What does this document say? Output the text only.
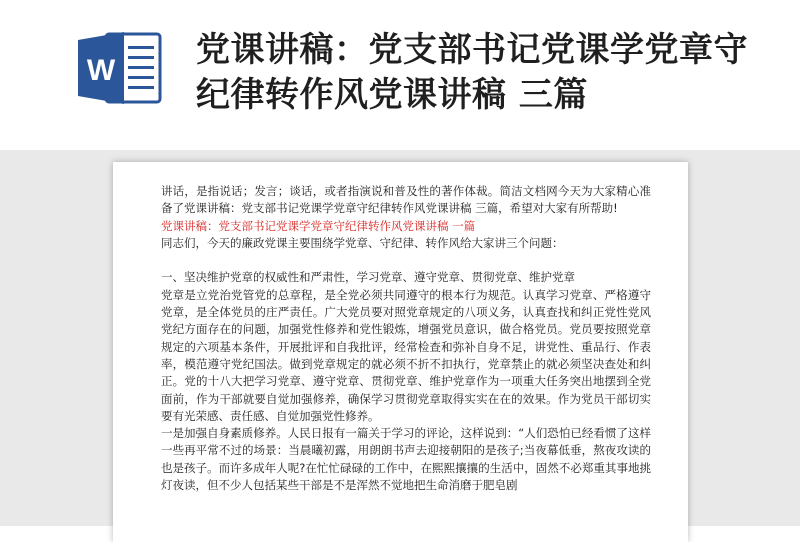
W
党课讲稿：党支部书记党课学党章守纪律转作风党课讲稿 三篇

讲话，是指说话；发言；谈话，或者指演说和普及性的著作体裁。简洁文档网今天为大家精心准备了党课讲稿：党支部书记党课学党章守纪律转作风党课讲稿 三篇，希望对大家有所帮助!

党课讲稿：党支部书记党课学党章守纪律转作风党课讲稿 一篇

同志们，今天的廉政党课主要围绕学党章、守纪律、转作风给大家讲三个问题：

一、坚决维护党章的权威性和严肃性，学习党章、遵守党章、贯彻党章、维护党章

党章是立党治党管党的总章程，是全党必须共同遵守的根本行为规范。认真学习党章、严格遵守党章，是全体党员的庄严责任。广大党员要对照党章规定的八项义务，认真查找和纠正党性党风党纪方面存在的问题，加强党性修养和党性锻炼，增强党员意识，做合格党员。党员要按照党章规定的六项基本条件，开展批评和自我批评，经常检查和弥补自身不足，讲党性、重品行、作表率，模范遵守党纪国法。做到党章规定的就必须不折不扣执行，党章禁止的就必须坚决查处和纠正。党的十八大把学习党章、遵守党章、贯彻党章、维护党章作为一项重大任务突出地摆到全党面前，作为干部就要自觉加强修养，确保学习贯彻党章取得实实在在的效果。作为党员干部切实要有光荣感、责任感、自觉加强党性修养。

一是加强自身素质修养。人民日报有一篇关于学习的评论，这样说到：“人们恐怕已经看惯了这样一些再平常不过的场景：当晨曦初露，用朗朗书声去迎接朝阳的是孩子;当夜幕低垂，熬夜攻读的也是孩子。而许多成年人呢?在忙忙碌碌的工作中，在熙熙攘攘的生活中，固然不必郑重其事地挑灯夜读，但不少人包括某些干部是不是浑然不觉地把生命消磨于肥皂剧
